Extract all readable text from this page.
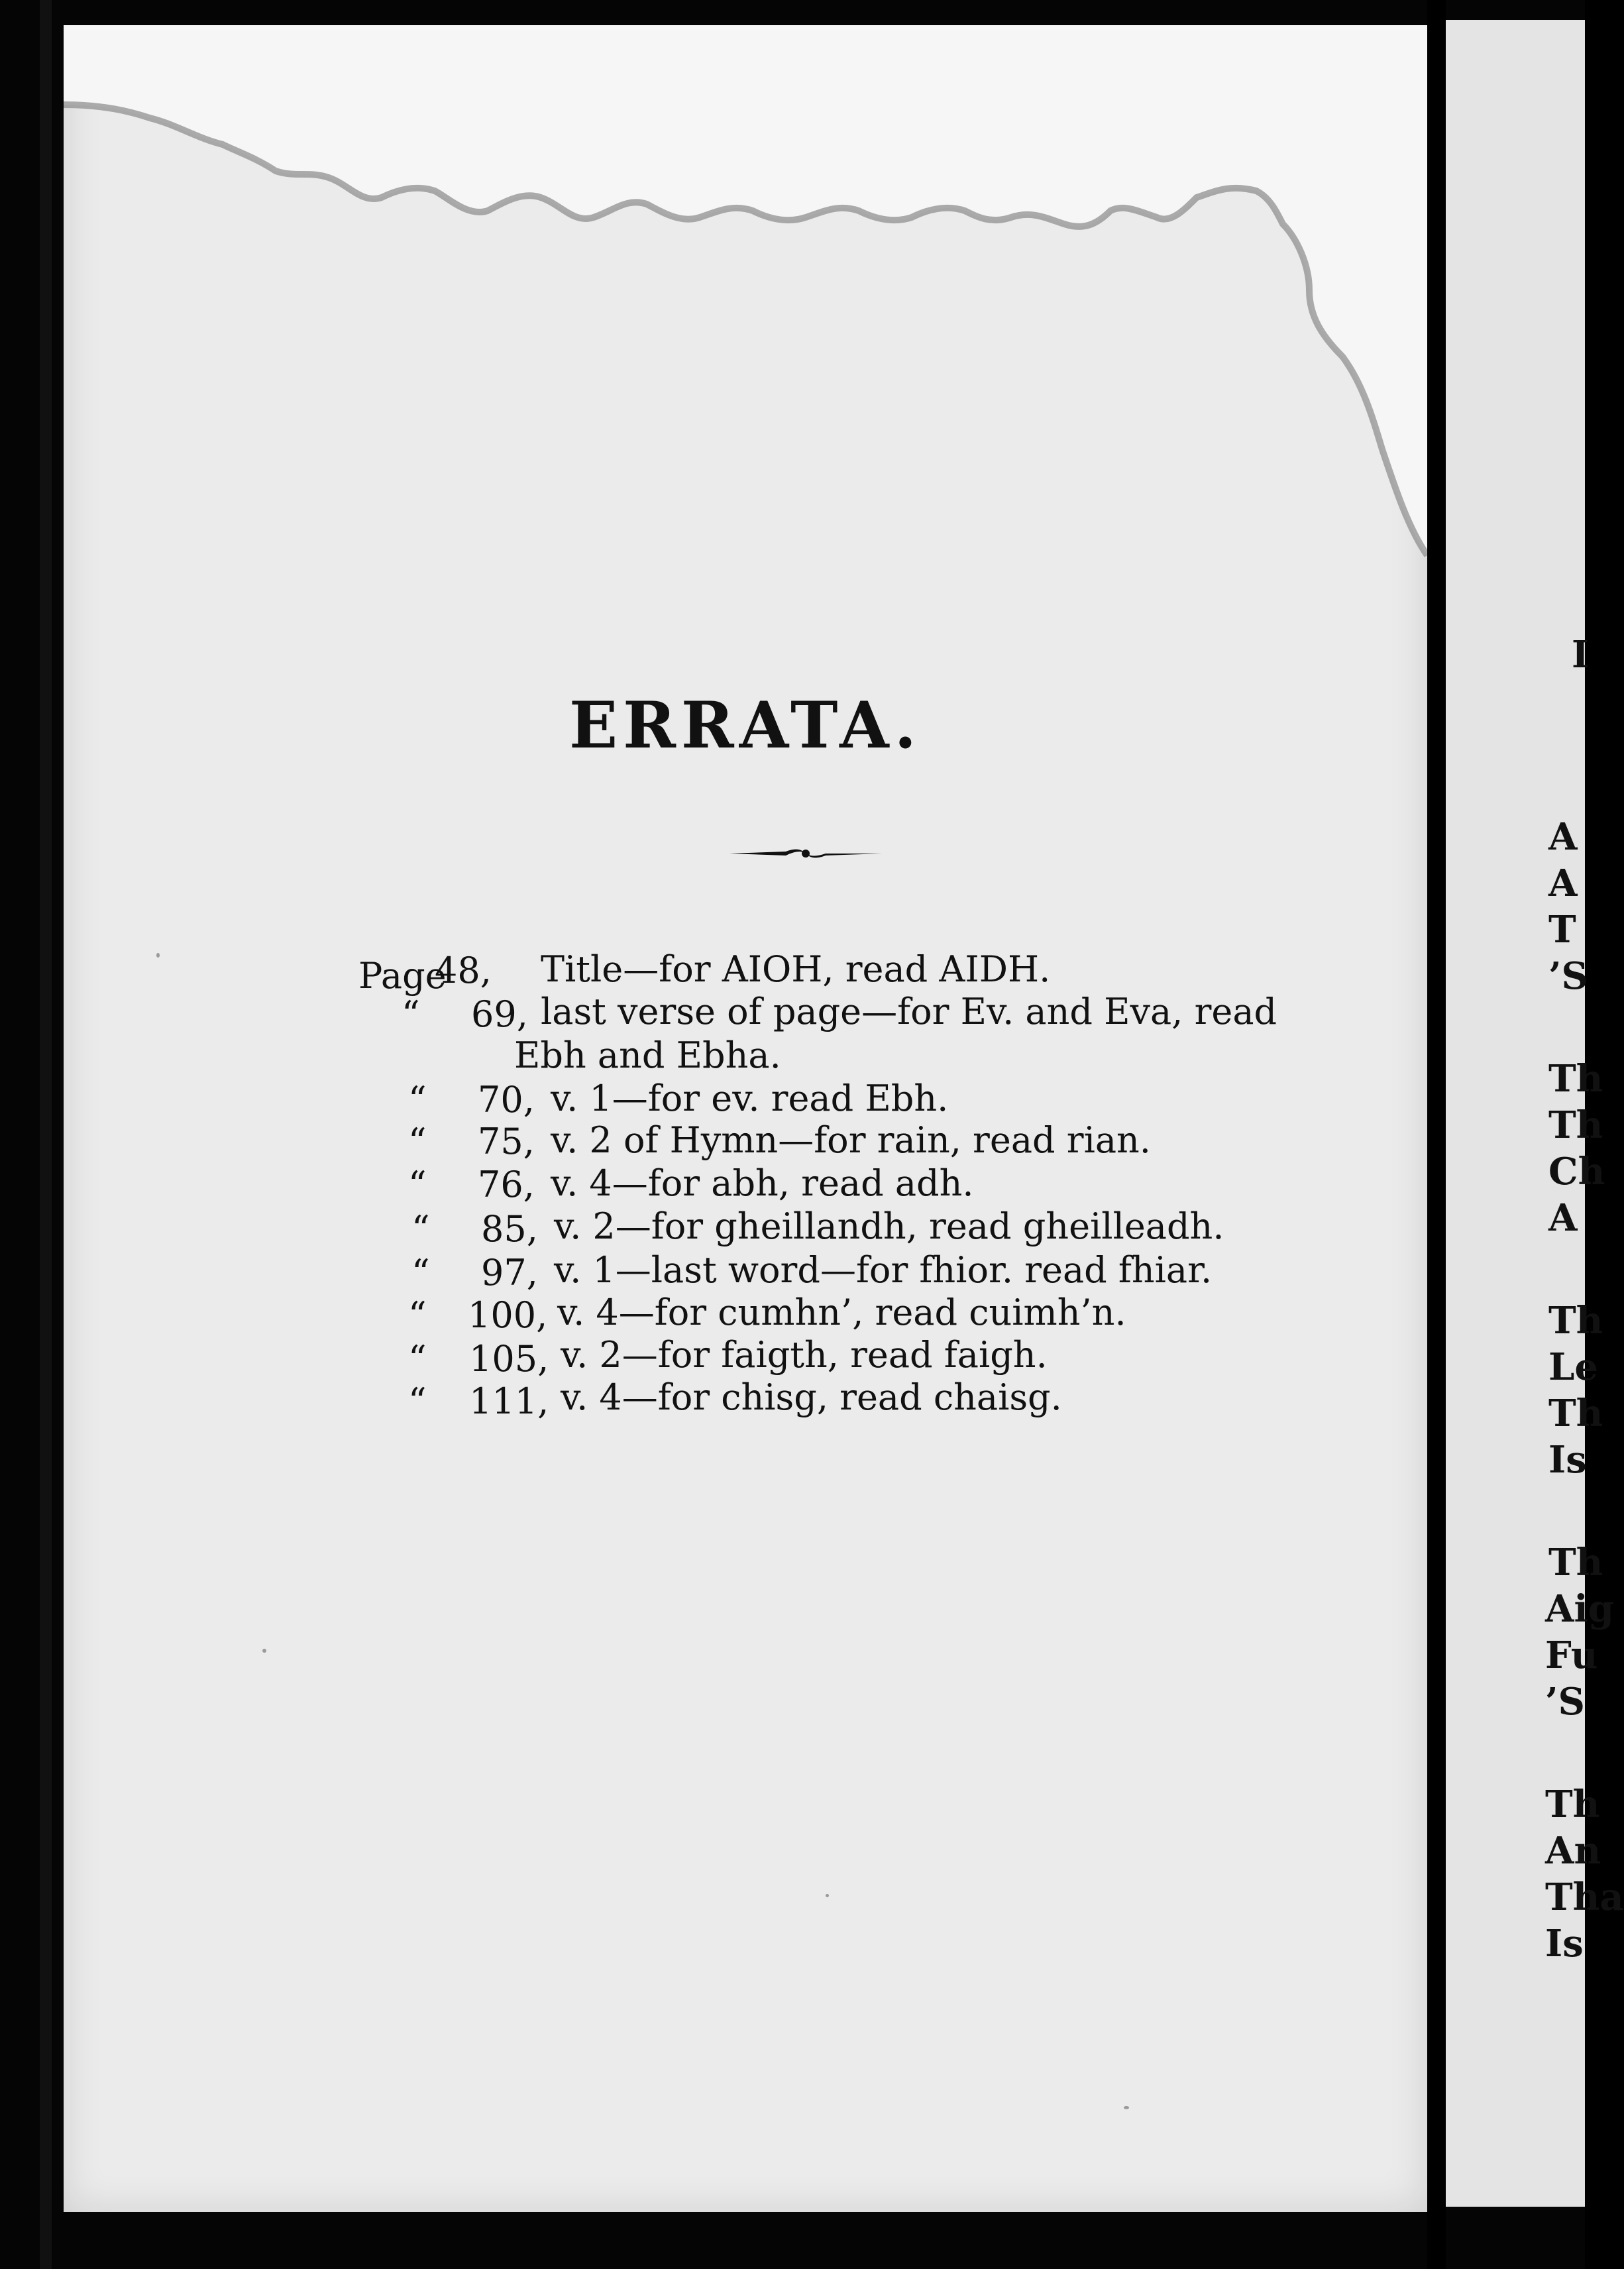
ERRATA.
Page
48, Title—for AIOH, read AIDH.
“ 69, last verse of page—for Ev. and Eva, read
Ebh and Ebha.
“ 70, v. 1—for ev. read Ebh.
“ 75, v. 2 of Hymn—for rain, read rian.
“ 76, v. 4—for abh, read adh.
“ 85, v. 2—for gheillandh, read gheilleadh.
“ 97, v. 1—last word—for fhior. read fhiar.
“ 100, v. 4—for cumhn’, read cuimh’n.
“ 105, v. 2—for faigth, read faigh.
“ 111, v. 4—for chisg, read chaisg.
I
A
A
T
’S
Th
Th
Ch
A
Th
Le
Th
Is
Th
Aig
Fu
’S
Th
An
Tha
Is
